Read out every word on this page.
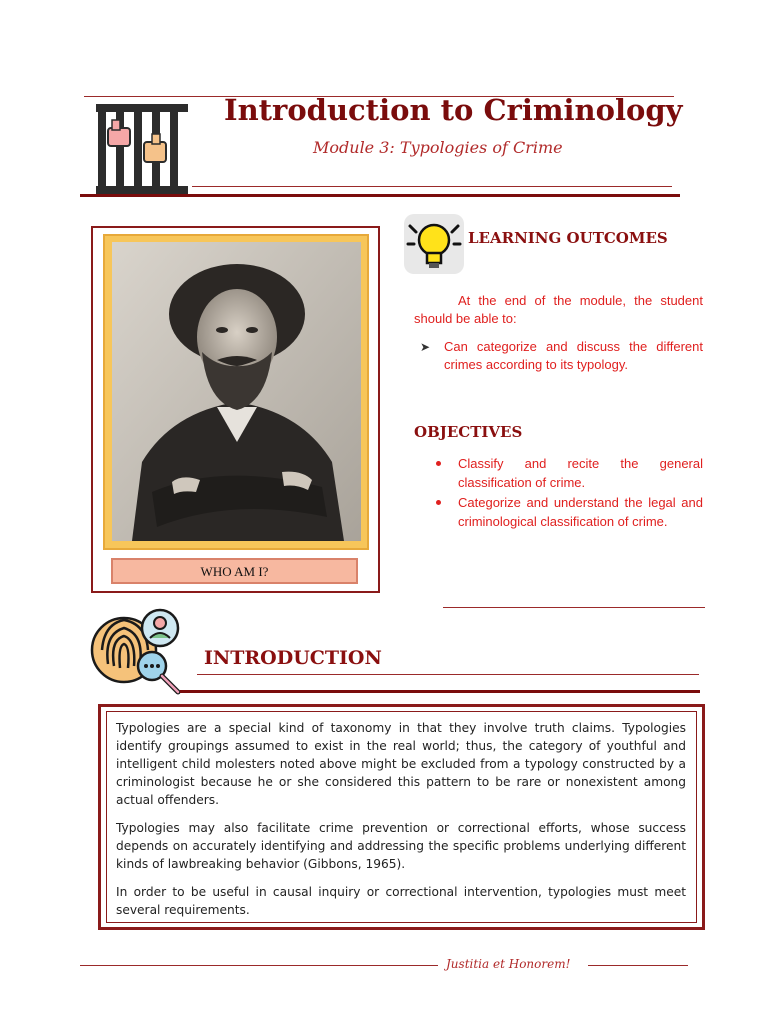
Introduction to Criminology
Module 3: Typologies of Crime
WHO AM I?
LEARNING OUTCOMES
At the end of the module, the student should be able to:
➤ Can categorize and discuss the different crimes according to its typology.
OBJECTIVES
Classify and recite the general classification of crime.
Categorize and understand the legal and criminological classification of crime.
INTRODUCTION

Typologies are a special kind of taxonomy in that they involve truth claims. Typologies identify groupings assumed to exist in the real world; thus, the category of youthful and intelligent child molesters noted above might be excluded from a typology constructed by a criminologist because he or she considered this pattern to be rare or nonexistent among actual offenders.

Typologies may also facilitate crime prevention or correctional efforts, whose success depends on accurately identifying and addressing the specific problems underlying different kinds of lawbreaking behavior (Gibbons, 1965).

In order to be useful in causal inquiry or correctional intervention, typologies must meet several requirements.

Justitia et Honorem!
